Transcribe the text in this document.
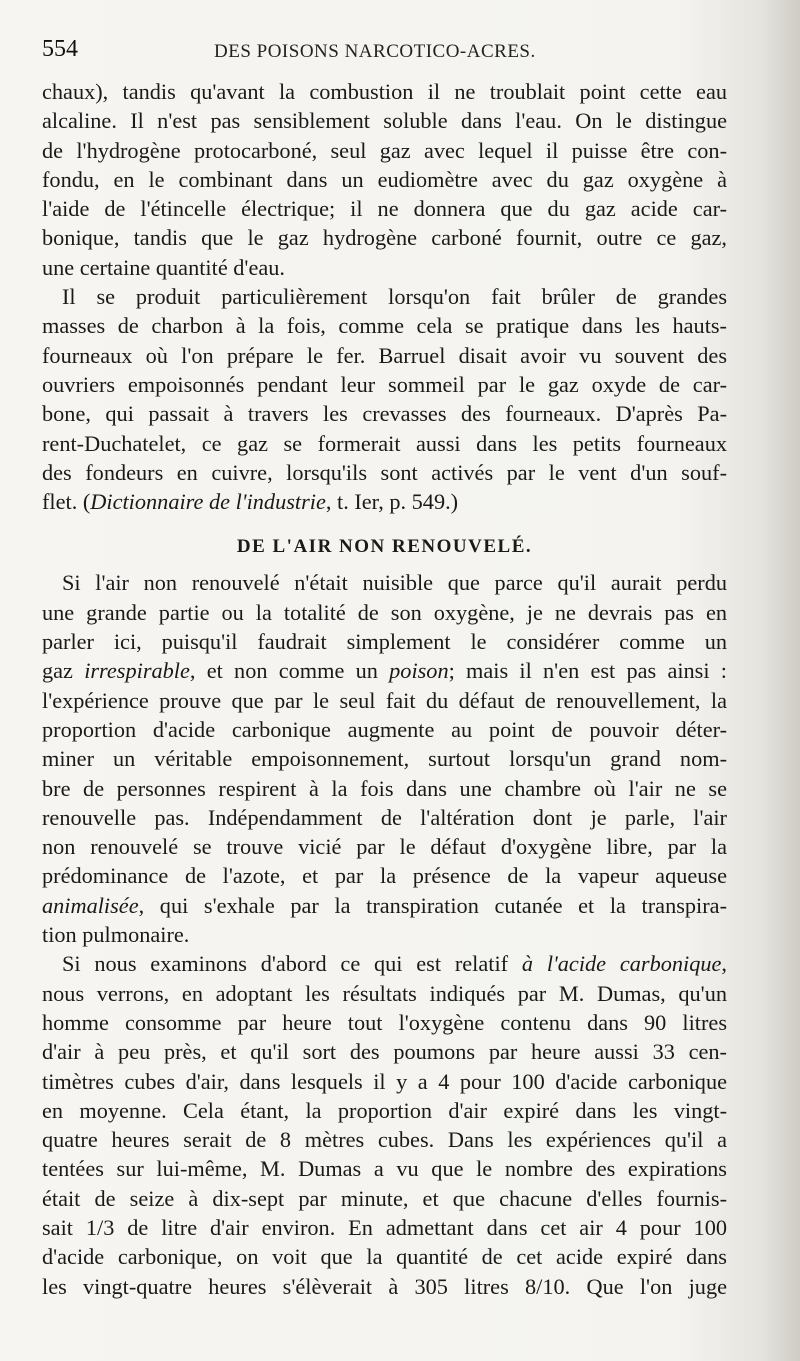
554	DES POISONS NARCOTICO-ACRES.
chaux), tandis qu'avant la combustion il ne troublait point cette eau
alcaline. Il n'est pas sensiblement soluble dans l'eau. On le distingue
de l'hydrogène protocarboné, seul gaz avec lequel il puisse être con-
fondu, en le combinant dans un eudiomètre avec du gaz oxygène à
l'aide de l'étincelle électrique; il ne donnera que du gaz acide car-
bonique, tandis que le gaz hydrogène carboné fournit, outre ce gaz,
une certaine quantité d'eau.
Il se produit particulièrement lorsqu'on fait brûler de grandes
masses de charbon à la fois, comme cela se pratique dans les hauts-
fourneaux où l'on prépare le fer. Barruel disait avoir vu souvent des
ouvriers empoisonnés pendant leur sommeil par le gaz oxyde de car-
bone, qui passait à travers les crevasses des fourneaux. D'après Pa-
rent-Duchatelet, ce gaz se formerait aussi dans les petits fourneaux
des fondeurs en cuivre, lorsqu'ils sont activés par le vent d'un souf-
flet. (Dictionnaire de l'industrie, t. Ier, p. 549.)
DE L'AIR NON RENOUVELÉ.
Si l'air non renouvelé n'était nuisible que parce qu'il aurait perdu
une grande partie ou la totalité de son oxygène, je ne devrais pas en
parler ici, puisqu'il faudrait simplement le considérer comme un
gaz irrespirable, et non comme un poison; mais il n'en est pas ainsi :
l'expérience prouve que par le seul fait du défaut de renouvellement, la
proportion d'acide carbonique augmente au point de pouvoir déter-
miner un véritable empoisonnement, surtout lorsqu'un grand nom-
bre de personnes respirent à la fois dans une chambre où l'air ne se
renouvelle pas. Indépendamment de l'altération dont je parle, l'air
non renouvelé se trouve vicié par le défaut d'oxygène libre, par la
prédominance de l'azote, et par la présence de la vapeur aqueuse
animalisée, qui s'exhale par la transpiration cutanée et la transpira-
tion pulmonaire.
Si nous examinons d'abord ce qui est relatif à l'acide carbonique,
nous verrons, en adoptant les résultats indiqués par M. Dumas, qu'un
homme consomme par heure tout l'oxygène contenu dans 90 litres
d'air à peu près, et qu'il sort des poumons par heure aussi 33 cen-
timètres cubes d'air, dans lesquels il y a 4 pour 100 d'acide carbonique
en moyenne. Cela étant, la proportion d'air expiré dans les vingt-
quatre heures serait de 8 mètres cubes. Dans les expériences qu'il a
tentées sur lui-même, M. Dumas a vu que le nombre des expirations
était de seize à dix-sept par minute, et que chacune d'elles fournis-
sait 1/3 de litre d'air environ. En admettant dans cet air 4 pour 100
d'acide carbonique, on voit que la quantité de cet acide expiré dans
les vingt-quatre heures s'élèverait à 305 litres 8/10. Que l'on juge
